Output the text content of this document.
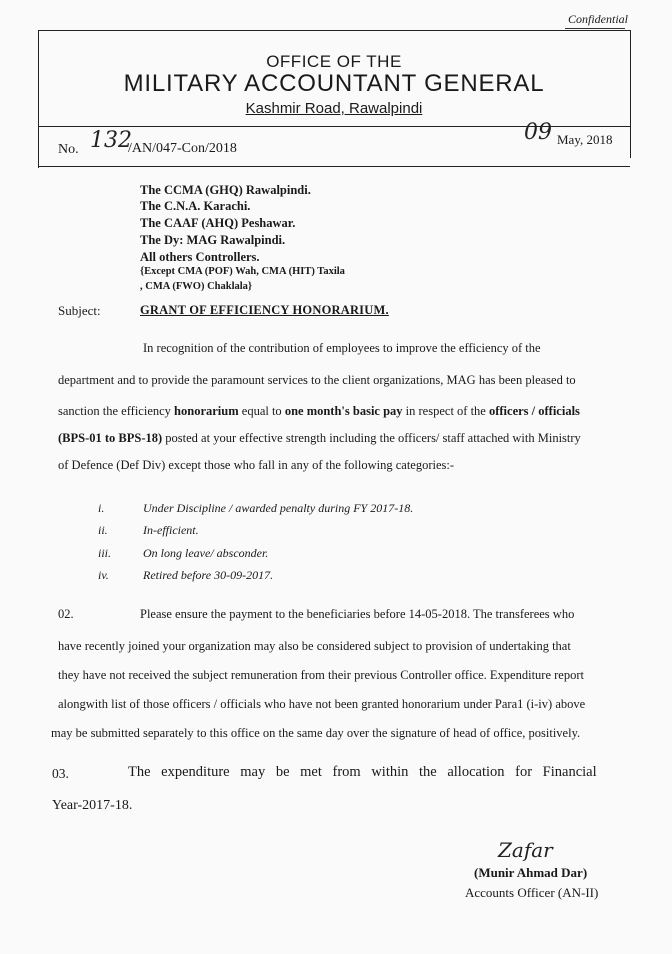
Confidential
OFFICE OF THE
MILITARY ACCOUNTANT GENERAL
Kashmir Road, Rawalpindi
No. 132
/AN/047-Con/2018
09 May, 2018
The CCMA (GHQ) Rawalpindi.
The C.N.A. Karachi.
The CAAF (AHQ) Peshawar.
The Dy: MAG Rawalpindi.
All others Controllers.
{Except CMA (POF) Wah, CMA (HIT) Taxila
, CMA (FWO) Chaklala}
Subject:	GRANT OF EFFICIENCY HONORARIUM.
In recognition of the contribution of employees to improve the efficiency of the
department and to provide the paramount services to the client organizations, MAG has been pleased to
sanction the efficiency honorarium equal to one month's basic pay in respect of the officers / officials
(BPS-01 to BPS-18) posted at your effective strength including the officers/ staff attached with Ministry
of Defence (Def Div) except those who fall in any of the following categories:-
i.	Under Discipline / awarded penalty during FY 2017-18.
ii.	In-efficient.
iii.	On long leave/ absconder.
iv.	Retired before 30-09-2017.
02.	Please ensure the payment to the beneficiaries before 14-05-2018. The transferees who
have recently joined your organization may also be considered subject to provision of undertaking that
they have not received the subject remuneration from their previous Controller office. Expenditure report
alongwith list of those officers / officials who have not been granted honorarium under Para1 (i-iv) above
may be submitted separately to this office on the same day over the signature of head of office, positively.
03.	The expenditure may be met from within the allocation for Financial
Year-2017-18.
Zafar
(Munir Ahmad Dar)
Accounts Officer (AN-II)
